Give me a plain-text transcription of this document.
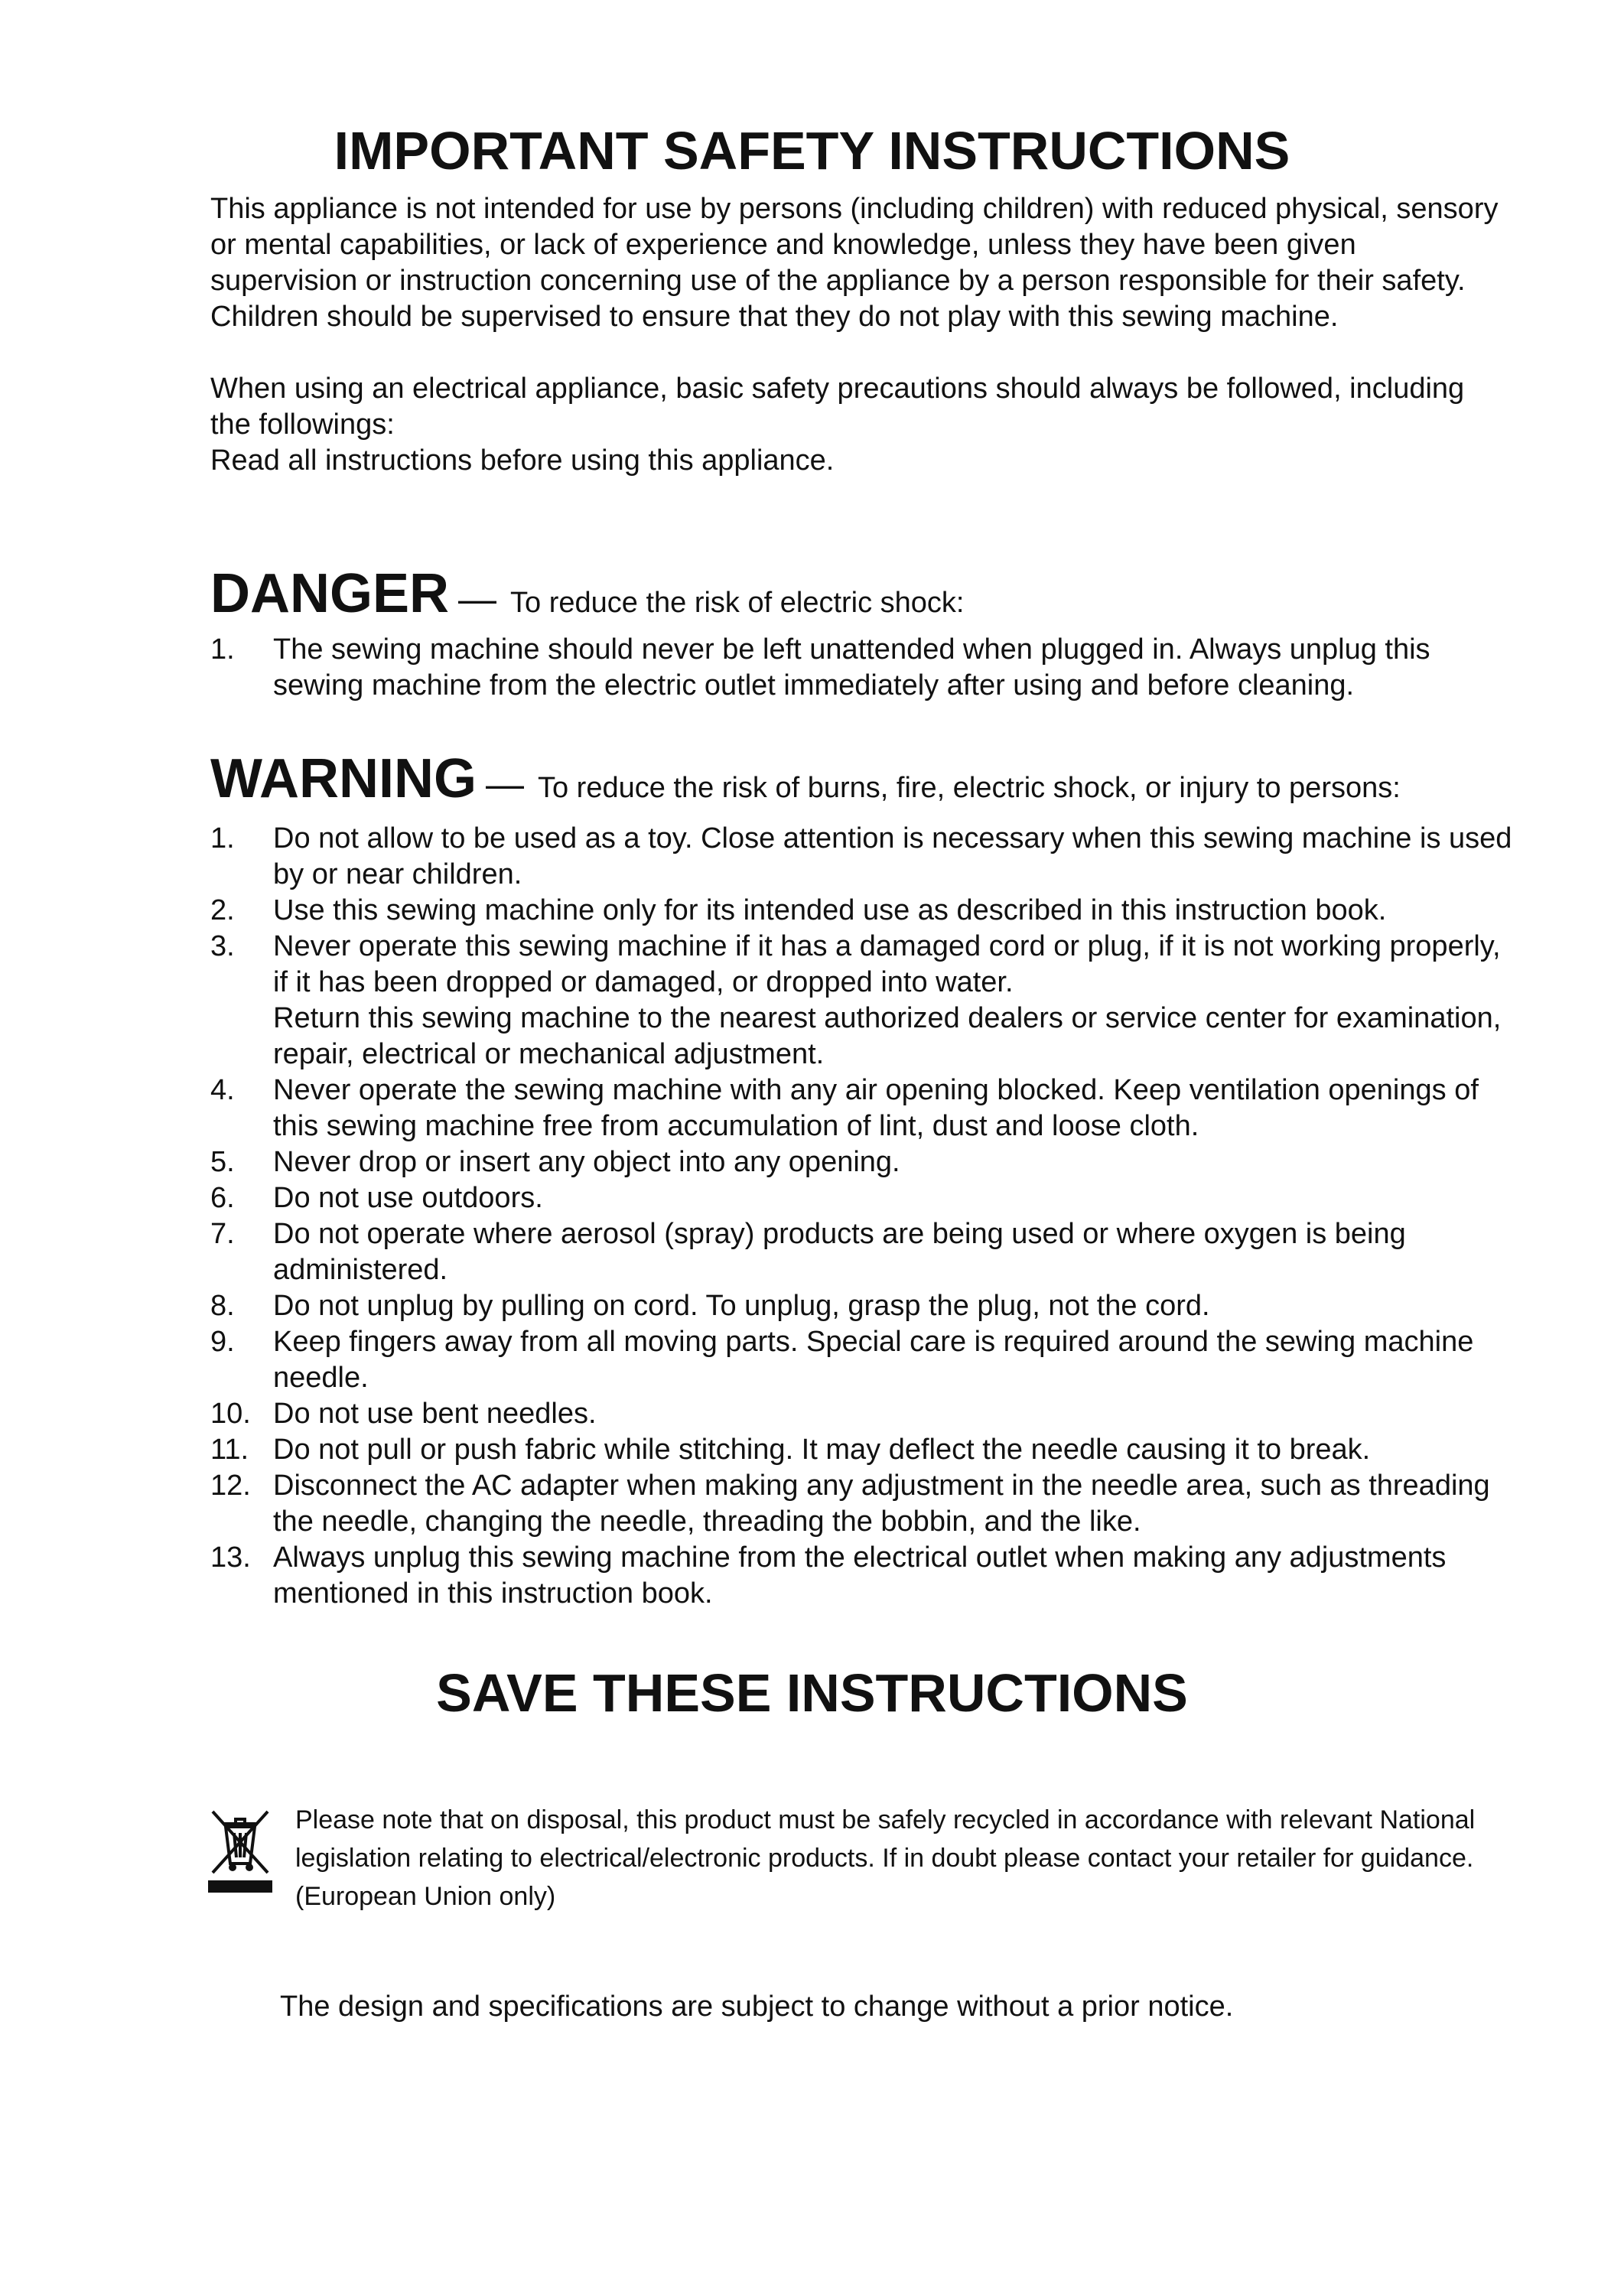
IMPORTANT SAFETY INSTRUCTIONS

This appliance is not intended for use by persons (including children) with reduced physical, sensory or mental capabilities, or lack of experience and knowledge, unless they have been given supervision or instruction concerning use of the appliance by a person responsible for their safety.

Children should be supervised to ensure that they do not play with this sewing machine.

When using an electrical appliance, basic safety precautions should always be followed, including the followings:

Read all instructions before using this appliance.

DANGER — To reduce the risk of electric shock:
1. The sewing machine should never be left unattended when plugged in. Always unplug this sewing machine from the electric outlet immediately after using and before cleaning.
WARNING — To reduce the risk of burns, fire, electric shock, or injury to persons:
1. Do not allow to be used as a toy. Close attention is necessary when this sewing machine is used by or near children.
2. Use this sewing machine only for its intended use as described in this instruction book.
3. Never operate this sewing machine if it has a damaged cord or plug, if it is not working properly, if it has been dropped or damaged, or dropped into water.
Return this sewing machine to the nearest authorized dealers or service center for examination, repair, electrical or mechanical adjustment.
4. Never operate the sewing machine with any air opening blocked. Keep ventilation openings of this sewing machine free from accumulation of lint, dust and loose cloth.
5. Never drop or insert any object into any opening.
6. Do not use outdoors.
7. Do not operate where aerosol (spray) products are being used or where oxygen is being administered.
8. Do not unplug by pulling on cord. To unplug, grasp the plug, not the cord.
9. Keep fingers away from all moving parts. Special care is required around the sewing machine needle.
10. Do not use bent needles.
11. Do not pull or push fabric while stitching. It may deflect the needle causing it to break.
12. Disconnect the AC adapter when making any adjustment in the needle area, such as threading the needle, changing the needle, threading the bobbin, and the like.
13. Always unplug this sewing machine from the electrical outlet when making any adjustments mentioned in this instruction book.
SAVE THESE INSTRUCTIONS

Please note that on disposal, this product must be safely recycled in accordance with relevant National legislation relating to electrical/electronic products. If in doubt please contact your retailer for guidance. (European Union only)

The design and specifications are subject to change without a prior notice.
